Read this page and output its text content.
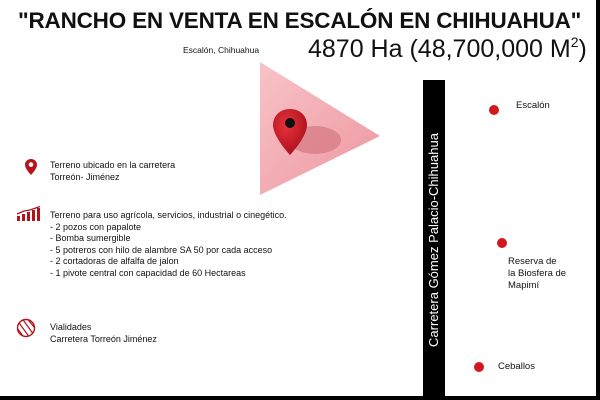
"RANCHO EN VENTA EN ESCALÓN EN CHIHUAHUA"
4870 Ha (48,700,000 $M^2$)
Escalón, Chihuahua
Terreno ubicado en la carretera
Torreón- Jiménez
Terreno para uso agrícola, servicios, industrial o cinegético.
- 2 pozos con papalote
- Bomba sumergible
- 5 potreros con hilo de alambre SA 50 por cada acceso
- 2 cortadoras de alfalfa de jalon
- 1 pivote central con capacidad de 60 Hectareas
Vialidades
Carretera Torreón Jiménez	Carretera Gómez Palacio-Chihuahua
Escalón
Reserva de
la Biosfera de
Mapimí
Ceballos
